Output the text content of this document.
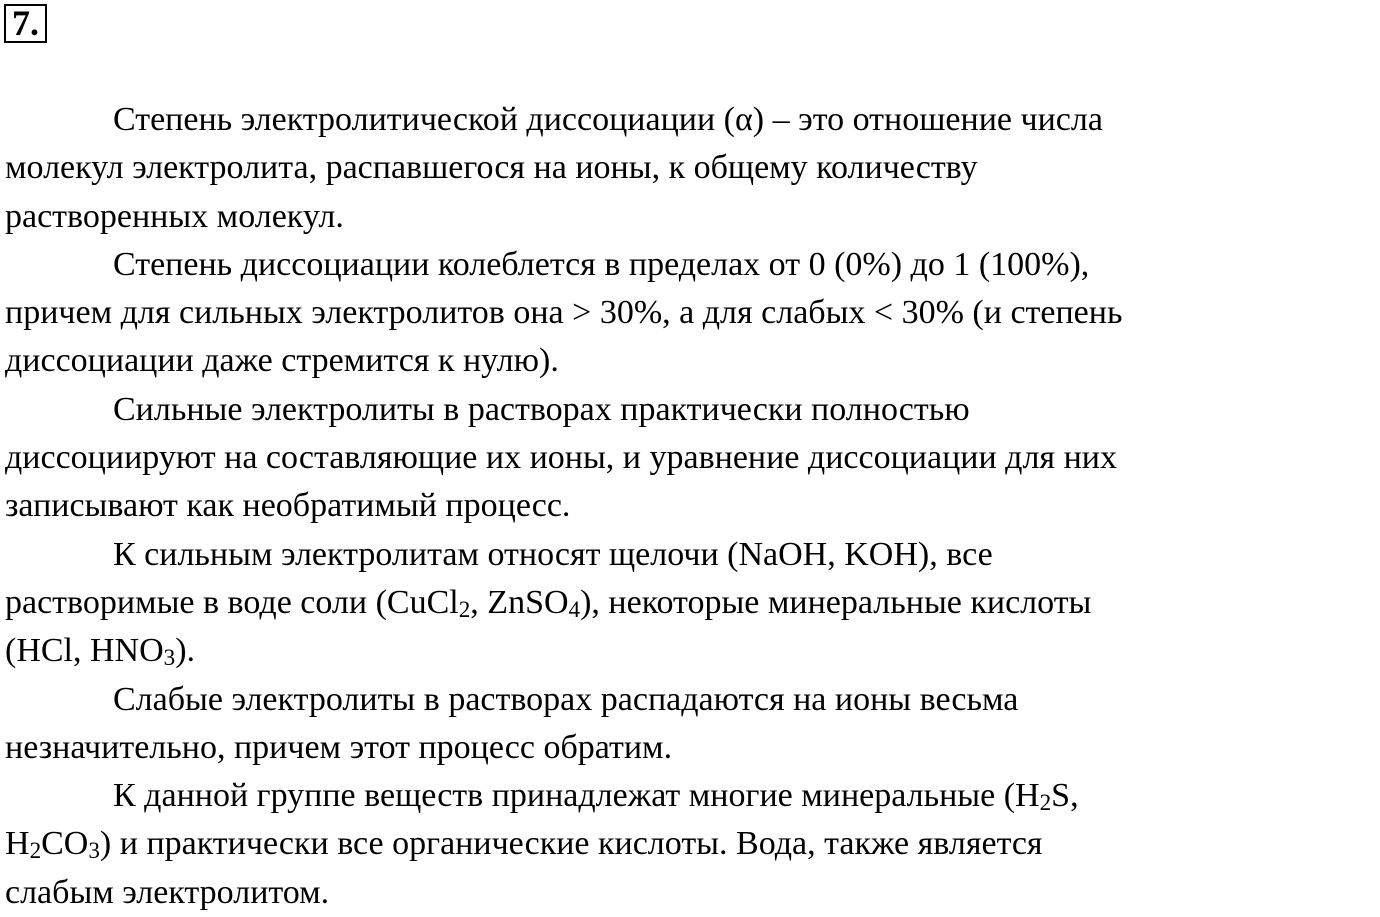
7.
Степень электролитической диссоциации (α) – это отношение числа
молекул электролита, распавшегося на ионы, к общему количеству
растворенных молекул.
Степень диссоциации колеблется в пределах от 0 (0%) до 1 (100%),
причем для сильных электролитов она > 30%, а для слабых < 30% (и степень
диссоциации даже стремится к нулю).
Сильные электролиты в растворах практически полностью
диссоциируют на составляющие их ионы, и уравнение диссоциации для них
записывают как необратимый процесс.
К сильным электролитам относят щелочи (NaOH, KOH), все
растворимые в воде соли (CuCl$_2$, ZnSO$_4$), некоторые минеральные кислоты
(HCl, $HNO_3$).
Слабые электролиты в растворах распадаются на ионы весьма
незначительно, причем этот процесс обратим.
К данной группе веществ принадлежат многие минеральные ($H_2S$,
$H_2CO_3$) и практически все органические кислоты. Вода, также является
слабым электролитом.
